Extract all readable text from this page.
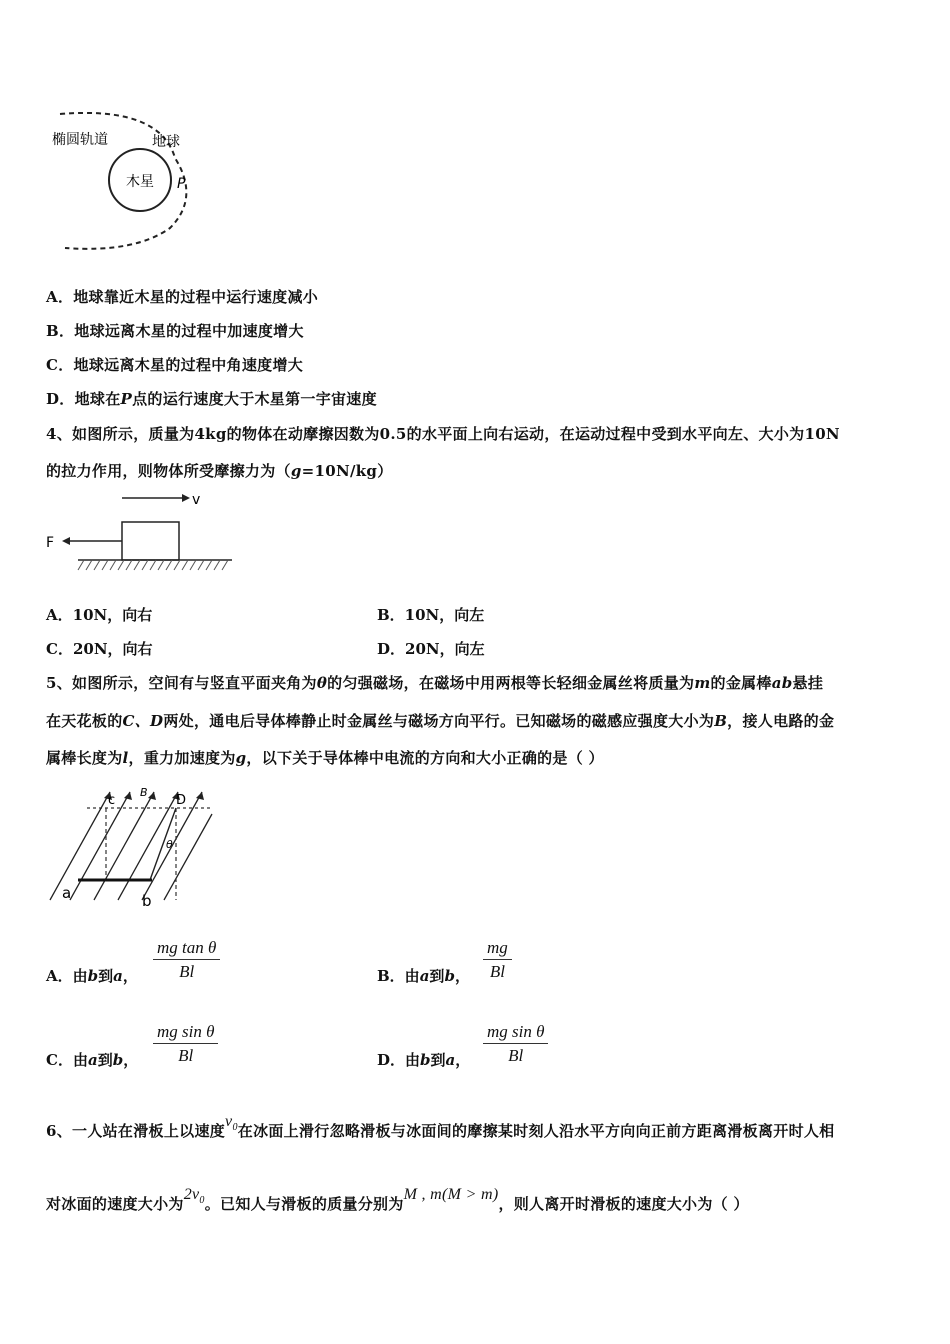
木星
椭圆轨道	地球
P
A．地球靠近木星的过程中运行速度减小
B．地球远离木星的过程中加速度增大
C．地球远离木星的过程中角速度增大
D．地球在P点的运行速度大于木星第一宇宙速度
4、如图所示，质量为4kg的物体在动摩擦因数为0.5的水平面上向右运动，在运动过程中受到水平向左、大小为10N
的拉力作用，则物体所受摩擦力为（g=10N/kg）
v
F
A．10N，向右	B．10N，向左
C．20N，向右	D．20N，向左
5、如图所示，空间有与竖直平面夹角为θ的匀强磁场，在磁场中用两根等长轻细金属丝将质量为m的金属棒ab悬挂
在天花板的C、D两处，通电后导体棒静止时金属丝与磁场方向平行。已知磁场的磁感应强度大小为B，接人电路的金
属棒长度为l，重力加速度为g，以下关于导体棒中电流的方向和大小正确的是（ ）
c
B
D
θ
a	b
A．由b到a， $\frac{\text{mg tan θ}}{Bl}$	B．由a到b， $\frac{mg}{Bl}$
C．由a到b， $\frac{\text{mg sin θ}}{Bl}$	D．由b到a， $\frac{\text{mg sin θ}}{Bl}$
6、一人站在滑板上以速度$v_0$在冰面上滑行忽略滑板与冰面间的摩擦某时刻人沿水平方向向正前方距离滑板离开时人相
对冰面的速度大小为$2v_0$。已知人与滑板的质量分别为M , m(M > m)，则人离开时滑板的速度大小为（ ）
